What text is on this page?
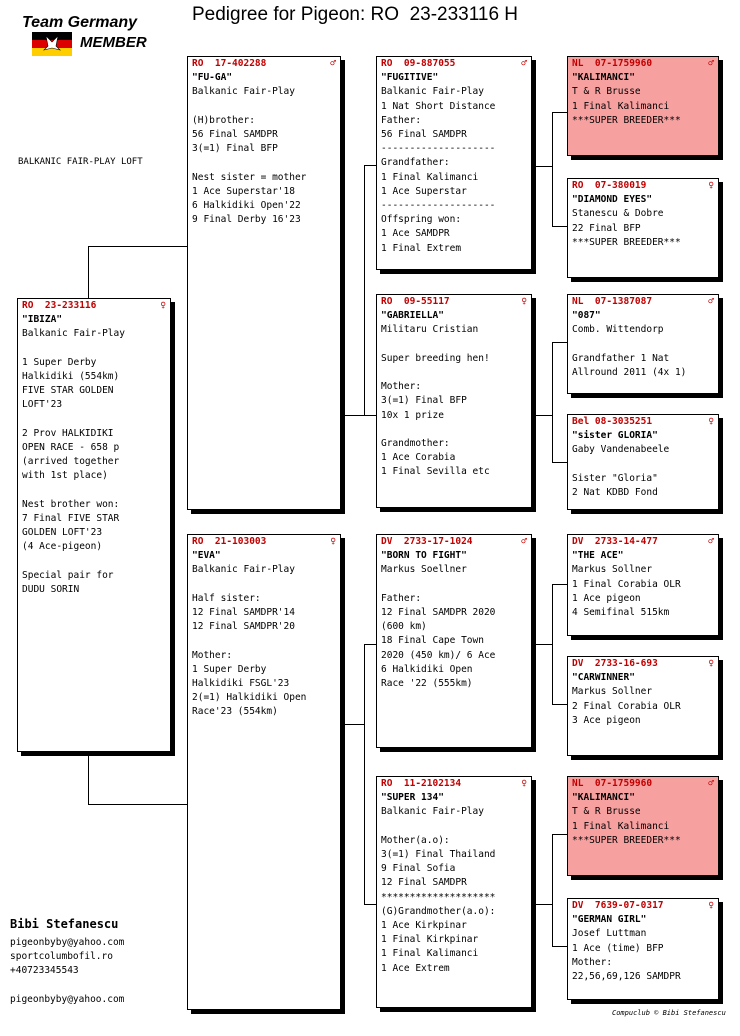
Team Germany
MEMBER
Pedigree for Pigeon: RO  23-233116 H
BALKANIC FAIR-PLAY LOFT
RO  23-233116	♀
"IBIZA"
Balkanic Fair-Play

1 Super Derby
Halkidiki (554km)
FIVE STAR GOLDEN
LOFT'23

2 Prov HALKIDIKI
OPEN RACE - 658 p
(arrived together
with 1st place)

Nest brother won:
7 Final FIVE STAR
GOLDEN LOFT'23
(4 Ace-pigeon)

Special pair for
DUDU SORIN
RO  17-402288	♂
"FU-GA"
Balkanic Fair-Play

(H)brother:
56 Final SAMDPR
3(=1) Final BFP

Nest sister = mother
1 Ace Superstar'18
6 Halkidiki Open'22
9 Final Derby 16'23
RO  21-103003	♀
"EVA"
Balkanic Fair-Play

Half sister:
12 Final SAMDPR'14
12 Final SAMDPR'20

Mother:
1 Super Derby
Halkidiki FSGL'23
2(=1) Halkidiki Open
Race'23 (554km)
RO  09-887055	♂
"FUGITIVE"
Balkanic Fair-Play
1 Nat Short Distance
Father:
56 Final SAMDPR
--------------------
Grandfather:
1 Final Kalimanci
1 Ace Superstar
--------------------
Offspring won:
1 Ace SAMDPR
1 Final Extrem
RO  09-55117	♀
"GABRIELLA"
Militaru Cristian

Super breeding hen!

Mother:
3(=1) Final BFP
10x 1 prize

Grandmother:
1 Ace Corabia
1 Final Sevilla etc
DV  2733-17-1024	♂
"BORN TO FIGHT"
Markus Soellner

Father:
12 Final SAMDPR 2020
(600 km)
18 Final Cape Town
2020 (450 km)/ 6 Ace
6 Halkidiki Open
Race '22 (555km)
RO  11-2102134	♀
"SUPER 134"
Balkanic Fair-Play

Mother(a.o):
3(=1) Final Thailand
9 Final Sofia
12 Final SAMDPR
********************
(G)Grandmother(a.o):
1 Ace Kirkpinar
1 Final Kirkpinar
1 Final Kalimanci
1 Ace Extrem
NL  07-1759960	♂
"KALIMANCI"
T & R Brusse
1 Final Kalimanci
***SUPER BREEDER***
RO  07-380019	♀
"DIAMOND EYES"
Stanescu & Dobre
22 Final BFP
***SUPER BREEDER***
NL  07-1387087	♂
"087"
Comb. Wittendorp

Grandfather 1 Nat
Allround 2011 (4x 1)
Bel 08-3035251	♀
"sister GLORIA"
Gaby Vandenabeele

Sister "Gloria"
2 Nat KDBD Fond
DV  2733-14-477	♂
"THE ACE"
Markus Sollner
1 Final Corabia OLR
1 Ace pigeon
4 Semifinal 515km
DV  2733-16-693	♀
"CARWINNER"
Markus Sollner
2 Final Corabia OLR
3 Ace pigeon
NL  07-1759960	♂
"KALIMANCI"
T & R Brusse
1 Final Kalimanci
***SUPER BREEDER***
DV  7639-07-0317	♀
"GERMAN GIRL"
Josef Luttman
1 Ace (time) BFP
Mother:
22,56,69,126 SAMDPR
Bibi Stefanescu
pigeonbyby@yahoo.com
sportcolumbofil.ro
+40723345543
pigeonbyby@yahoo.com
Compuclub © Bibi Stefanescu
